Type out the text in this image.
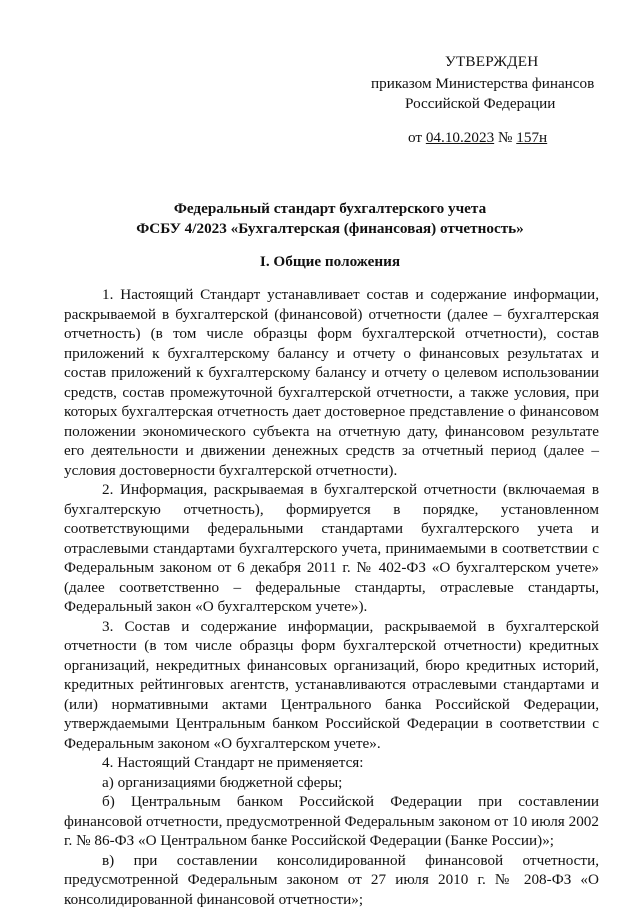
УТВЕРЖДЕН
приказом Министерства финансов
Российской Федерации
от 04.10.2023 № 157н
Федеральный стандарт бухгалтерского учета
ФСБУ 4/2023 «Бухгалтерская (финансовая) отчетность»
I. Общие положения

1. Настоящий Стандарт устанавливает состав и содержание информации, раскрываемой в бухгалтерской (финансовой) отчетности (далее – бухгалтерская отчетность) (в том числе образцы форм бухгалтерской отчетности), состав приложений к бухгалтерскому балансу и отчету о финансовых результатах и состав приложений к бухгалтерскому балансу и отчету о целевом использовании средств, состав промежуточной бухгалтерской отчетности, а также условия, при которых бухгалтерская отчетность дает достоверное представление о финансовом положении экономического субъекта на отчетную дату, финансовом результате его деятельности и движении денежных средств за отчетный период (далее – условия достоверности бухгалтерской отчетности).

2. Информация, раскрываемая в бухгалтерской отчетности (включаемая в бухгалтерскую отчетность), формируется в порядке, установленном соответствующими федеральными стандартами бухгалтерского учета и отраслевыми стандартами бухгалтерского учета, принимаемыми в соответствии с Федеральным законом от 6 декабря 2011 г. № 402-ФЗ «О бухгалтерском учете» (далее соответственно – федеральные стандарты, отраслевые стандарты, Федеральный закон «О бухгалтерском учете»).

3. Состав и содержание информации, раскрываемой в бухгалтерской отчетности (в том числе образцы форм бухгалтерской отчетности) кредитных организаций, некредитных финансовых организаций, бюро кредитных историй, кредитных рейтинговых агентств, устанавливаются отраслевыми стандартами и (или) нормативными актами Центрального банка Российской Федерации, утверждаемыми Центральным банком Российской Федерации в соответствии с Федеральным законом «О бухгалтерском учете».

4. Настоящий Стандарт не применяется:

а) организациями бюджетной сферы;

б) Центральным банком Российской Федерации при составлении финансовой отчетности, предусмотренной Федеральным законом от 10 июля 2002 г. № 86-ФЗ «О Центральном банке Российской Федерации (Банке России)»;

в) при составлении консолидированной финансовой отчетности, предусмотренной Федеральным законом от 27 июля 2010 г. № 208-ФЗ «О консолидированной финансовой отчетности»;
